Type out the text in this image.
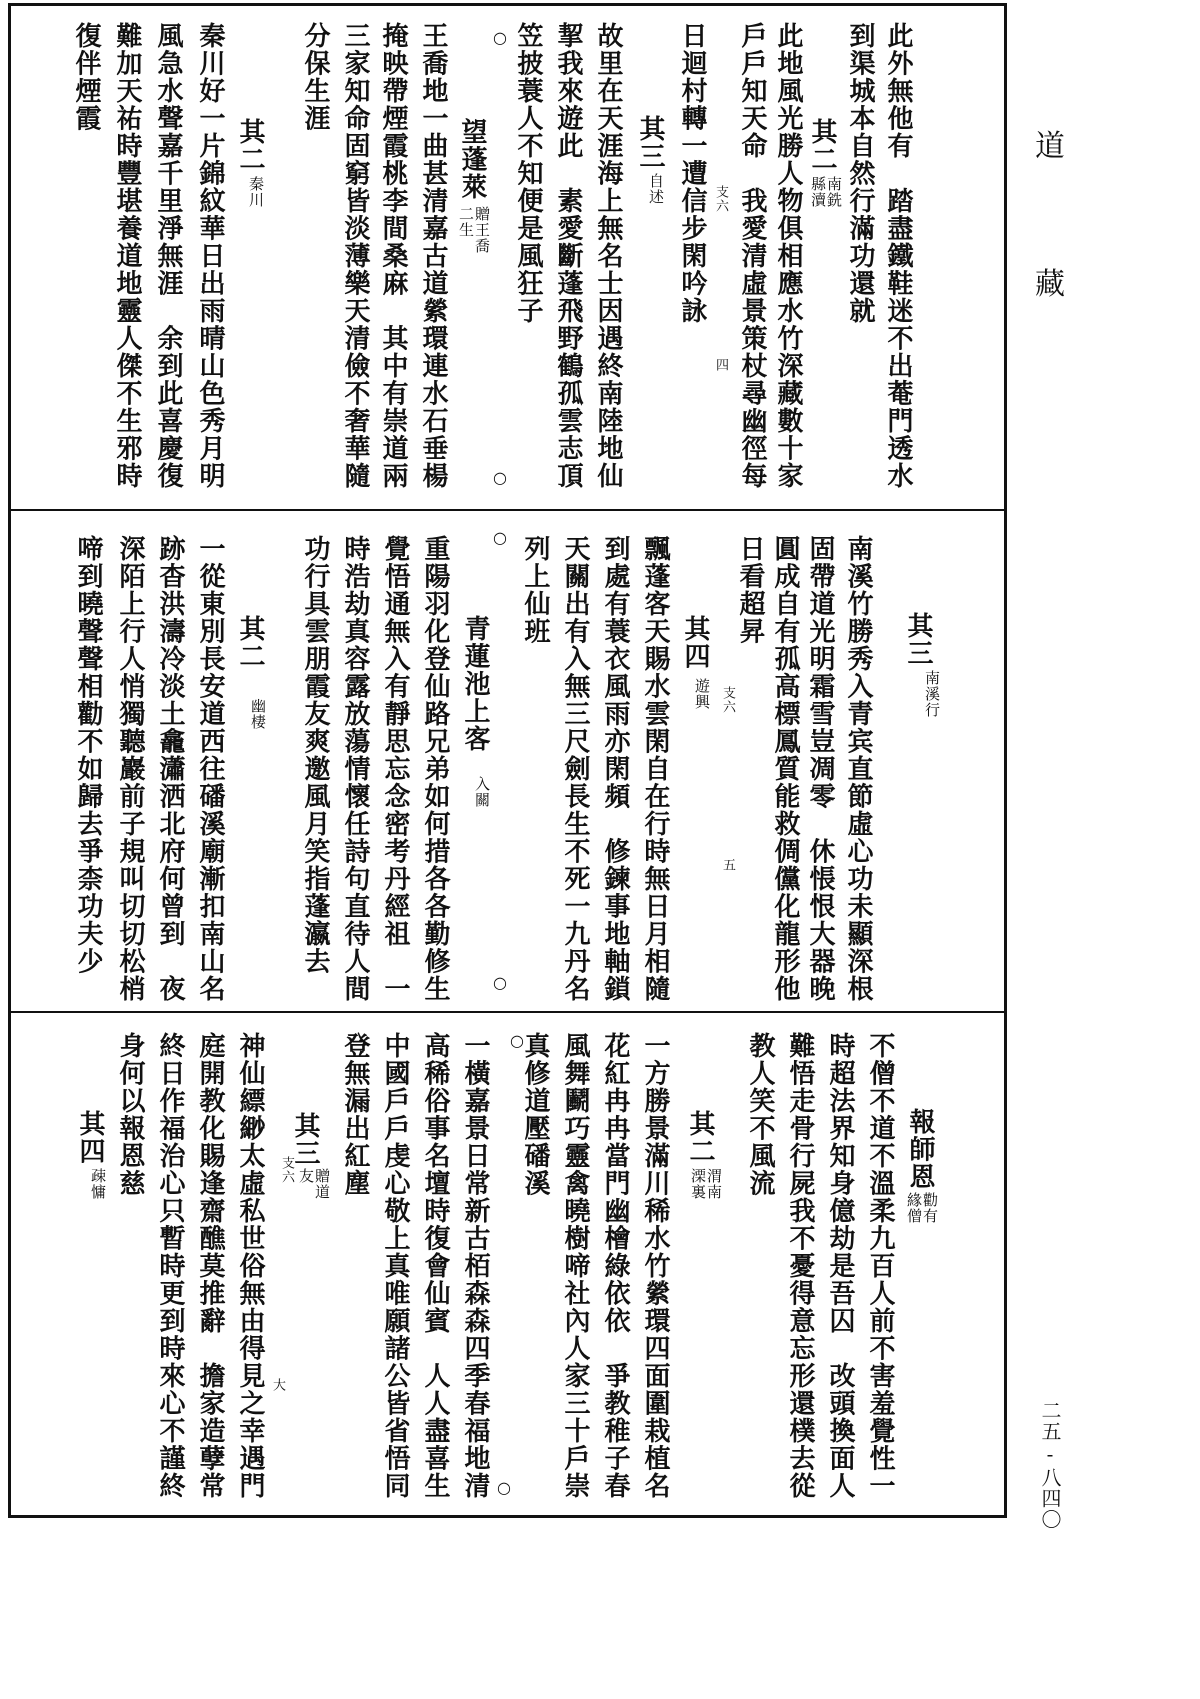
道
藏
二五-八四〇
此外無他有　踏盡鐵鞋迷不出菴門透水
到渠城本自然行滿功還就
其二
南銑縣瀆
此地風光勝人物俱相應水竹深藏數十家
戶戶知天命　我愛清虛景策杖尋幽徑每
日迴村轉一遭信步閑吟詠
其三
自述
故里在天涯海上無名士因遇終南陸地仙
挈我來遊此　素愛斷蓬飛野鶴孤雲志頂
笠披蓑人不知便是風狂子
望蓬萊
贈王喬二生
王喬地一曲甚清嘉古道縈環連水石垂楊
掩映帶煙霞桃李間桑麻　其中有崇道兩
三家知命固窮皆淡薄樂天清儉不奢華隨
分保生涯
其二
秦川
秦川好一片錦紋華日出雨晴山色秀月明
風急水聲嘉千里淨無涯　余到此喜慶復
難加天祐時豐堪養道地靈人傑不生邪時
復伴煙霞
支六
四
○
○
其三
南溪行
南溪竹勝秀入青宾直節虛心功未顯深根
固帶道光明霜雪豈凋零　休悵恨大器晚
圓成自有孤高標鳳質能救倜儻化龍形他
日看超昇
其四
遊興
飄蓬客天賜水雲閑自在行時無日月相隨
到處有蓑衣風雨亦閑頻　修鍊事地軸鎖
天關出有入無三尺劍長生不死一九丹名
列上仙班
青蓮池上客
入關
重陽羽化登仙路兄弟如何措各各勤修生
覺悟通無入有靜思忘念密考丹經祖　一
時浩劫真容露放蕩情懷任詩句直待人間
功行具雲朋霞友爽邀風月笑指蓬瀛去
其二
幽棲
一從東別長安道西往磻溪廟漸扣南山名
跡杳洪濤冷淡土龕瀟洒北府何曾到　夜
深陌上行人悄獨聽巖前子規叫切切松梢
啼到曉聲聲相勸不如歸去爭柰功夫少	支六
五
○
○
報師恩
勸有緣僧
不僧不道不溫柔九百人前不害羞覺性一
時超法界知身億劫是吾囚　改頭換面人
難悟走骨行屍我不憂得意忘形還樸去從
教人笑不風流
其二
渭南溧裏
一方勝景滿川稀水竹縈環四面圍栽植名
花紅冉冉當門幽檜綠依依　爭教稚子春
風舞鬬巧靈禽曉樹啼社內人家三十戶崇
真修道壓磻溪
一橫嘉景日常新古栢森森四季春福地清
高稀俗事名壇時復會仙賓　人人盡喜生
中國戶戶虔心敬上真唯願諸公皆省悟同
登無漏出紅塵
其三
贈道友
神仙縹緲太虛私世俗無由得見之幸遇門
庭開教化賜逢齋醮莫推辭　擔家造孽常
終日作福治心只暫時更到時來心不謹終
身何以報恩慈
其四
疎慵	支六
大
○
○
